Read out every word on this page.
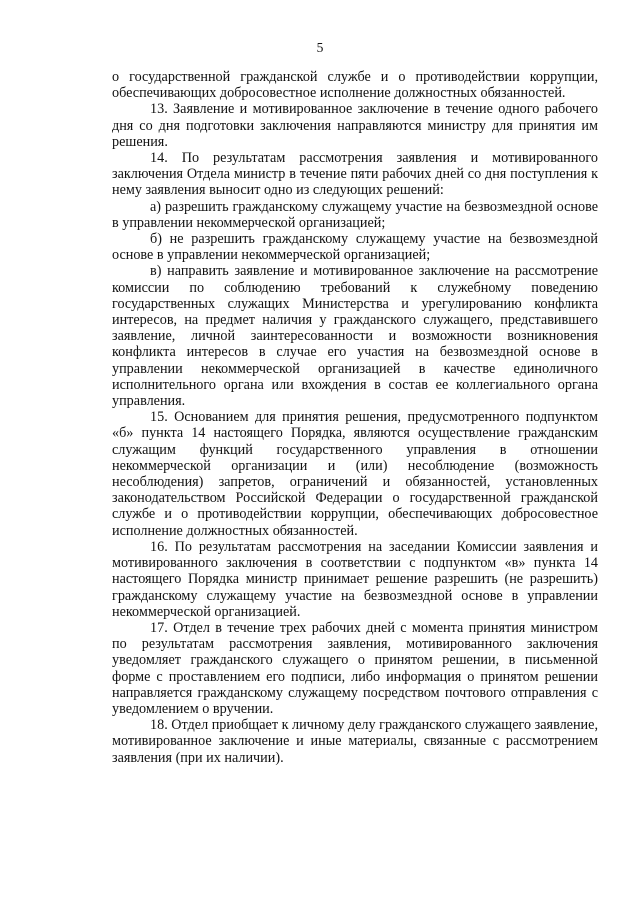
5

о государственной гражданской службе и о противодействии коррупции, обеспечивающих добросовестное исполнение должностных обязанностей.

13. Заявление и мотивированное заключение в течение одного рабочего дня со дня подготовки заключения направляются министру для принятия им решения.

14. По результатам рассмотрения заявления и мотивированного заключения Отдела министр в течение пяти рабочих дней со дня поступления к нему заявления выносит одно из следующих решений:

а) разрешить гражданскому служащему участие на безвозмездной основе в управлении некоммерческой организацией;

б) не разрешить гражданскому служащему участие на безвозмездной основе в управлении некоммерческой организацией;

в) направить заявление и мотивированное заключение на рассмотрение комиссии по соблюдению требований к служебному поведению государственных служащих Министерства и урегулированию конфликта интересов, на предмет наличия у гражданского служащего, представившего заявление, личной заинтересованности и возможности возникновения конфликта интересов в случае его участия на безвозмездной основе в управлении некоммерческой организацией в качестве единоличного исполнительного органа или вхождения в состав ее коллегиального органа управления.

15. Основанием для принятия решения, предусмотренного подпунктом «б» пункта 14 настоящего Порядка, являются осуществление гражданским служащим функций государственного управления в отношении некоммерческой организации и (или) несоблюдение (возможность несоблюдения) запретов, ограничений и обязанностей, установленных законодательством Российской Федерации о государственной гражданской службе и о противодействии коррупции, обеспечивающих добросовестное исполнение должностных обязанностей.

16. По результатам рассмотрения на заседании Комиссии заявления и мотивированного заключения в соответствии с подпунктом «в» пункта 14 настоящего Порядка министр принимает решение разрешить (не разрешить) гражданскому служащему участие на безвозмездной основе в управлении некоммерческой организацией.

17. Отдел в течение трех рабочих дней с момента принятия министром по результатам рассмотрения заявления, мотивированного заключения уведомляет гражданского служащего о принятом решении, в письменной форме с проставлением его подписи, либо информация о принятом решении направляется гражданскому служащему посредством почтового отправления с уведомлением о вручении.

18. Отдел приобщает к личному делу гражданского служащего заявление, мотивированное заключение и иные материалы, связанные с рассмотрением заявления (при их наличии).
